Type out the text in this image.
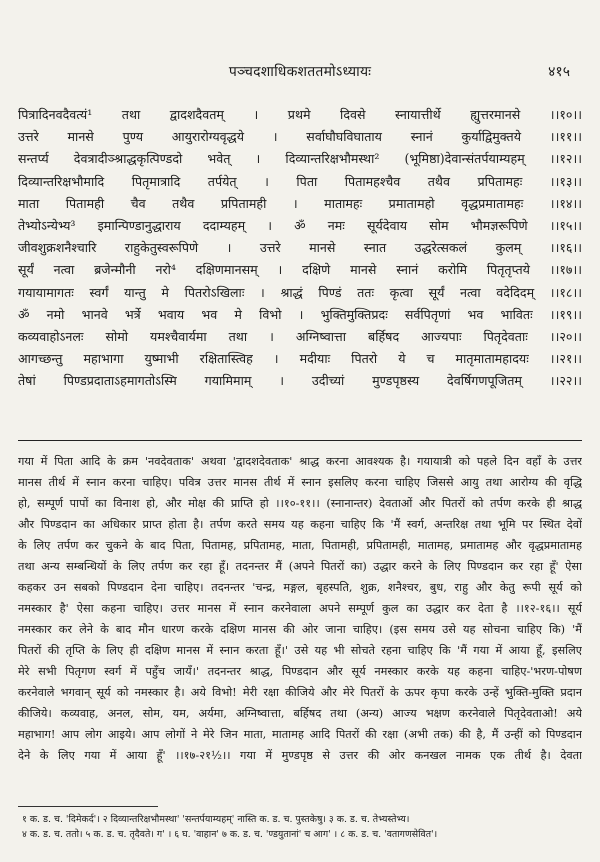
पञ्चदशाधिकशततमोऽध्यायः	४१५
पित्रादिनवदैवत्यं¹ तथा द्वादशदैवतम् । प्रथमे दिवसे स्नायात्तीर्थे ह्युत्तरमानसे ।।१०।।
उत्तरे मानसे पुण्य आयुरारोग्यवृद्धये । सर्वाघौघविघाताय स्नानं कुर्याद्विमुक्तये ।।११।।
सन्तर्प्य देवत्रादीञ्श्राद्धकृत्पिण्डदो भवेत् । दिव्यान्तरिक्षभौमस्था² (भूमिष्ठा)देवान्संतर्पयाम्यहम् ।।१२।।
दिव्यान्तरिक्षभौमादि पितृमात्रादि तर्पयेत् । पिता पितामहश्चैव तथैव प्रपितामहः ।।१३।।
माता पितामही चैव तथैव प्रपितामही । मातामहः प्रमातामहो वृद्धप्रमातामहः ।।१४।।
तेभ्योऽन्येभ्य³ इमान्पिण्डानुद्धाराय ददाम्यहम् । ॐ नमः सूर्यदेवाय सोम भौमज्ञरूपिणे ।।१५।।
जीवशुक्रशनैश्चारि राहुकेतुस्वरूपिणे । उत्तरे मानसे स्नात उद्धरेत्सकलं कुलम् ।।१६।।
सूर्यं नत्वा ब्रजेन्मौनी नरो⁴ दक्षिणमानसम् । दक्षिणे मानसे स्नानं करोमि पितृतृप्तये ।।१७।।
गयायामागतः स्वर्गं यान्तु मे पितरोऽखिलाः । श्राद्धं पिण्डं ततः कृत्वा सूर्यं नत्वा वदेदिदम् ।।१८।।
ॐ नमो भानवे भर्त्रे भवाय भव मे विभो । भुक्तिमुक्तिप्रदः सर्वपितृणां भव भावितः ।।१९।।
कव्यवाहोऽनलः सोमो यमश्चैवार्यमा तथा । अग्निष्वात्ता बर्हिषद आज्यपाः पितृदेवताः ।।२०।।
आगच्छन्तु महाभागा युष्माभी रक्षितास्त्विह । मदीयाः पितरो ये च मातृमातामहादयः ।।२१।।
तेषां पिण्डप्रदाताऽहमागतोऽस्मि गयामिमाम् । उदीच्यां मुण्डपृष्ठस्य देवर्षिगणपूजितम् ।।२२।।
गया में पिता आदि के क्रम 'नवदेवताक' अथवा 'द्वादशदेवताक' श्राद्ध करना आवश्यक है। गयायात्री को पहले दिन वहाँ के उत्तर
मानस तीर्थ में स्नान करना चाहिए। पवित्र उत्तर मानस तीर्थ में स्नान इसलिए करना चाहिए जिससे आयु तथा आरोग्य की वृद्धि
हो, सम्पूर्ण पापों का विनाश हो, और मोक्ष की प्राप्ति हो ।।१०-११।। (स्नानान्तर) देवताओं और पितरों को तर्पण करके ही श्राद्ध
और पिण्डदान का अधिकार प्राप्त होता है। तर्पण करते समय यह कहना चाहिए कि 'मैं स्वर्ग, अन्तरिक्ष तथा भूमि पर स्थित देवों
के लिए तर्पण कर चुकने के बाद पिता, पितामह, प्रपितामह, माता, पितामही, प्रपितामही, मातामह, प्रमातामह और वृद्धप्रमातामह
तथा अन्य सम्बन्धियों के लिए तर्पण कर रहा हूँ। तदनन्तर मैं (अपने पितरों का) उद्धार करने के लिए पिण्डदान कर रहा हूँ' ऐसा
कहकर उन सबको पिण्डदान देना चाहिए। तदनन्तर 'चन्द्र, मङ्गल, बृहस्पति, शुक्र, शनैश्चर, बुध, राहु और केतु रूपी सूर्य को
नमस्कार है' ऐसा कहना चाहिए। उत्तर मानस में स्नान करनेवाला अपने सम्पूर्ण कुल का उद्धार कर देता है ।।१२-१६।। सूर्य
नमस्कार कर लेने के बाद मौन धारण करके दक्षिण मानस की ओर जाना चाहिए। (इस समय उसे यह सोचना चाहिए कि) 'मैं
पितरों की तृप्ति के लिए ही दक्षिण मानस में स्नान करता हूँ।' उसे यह भी सोचते रहना चाहिए कि 'मैं गया में आया हूँ, इसलिए
मेरे सभी पितृगण स्वर्ग में पहुँच जायँ।' तदनन्तर श्राद्ध, पिण्डदान और सूर्य नमस्कार करके यह कहना चाहिए-'भरण-पोषण
करनेवाले भगवान् सूर्य को नमस्कार है। अये विभो! मेरी रक्षा कीजिये और मेरे पितरों के ऊपर कृपा करके उन्हें भुक्ति-मुक्ति प्रदान
कीजिये। कव्यवाह, अनल, सोम, यम, अर्यमा, अग्निष्वात्ता, बर्हिषद तथा (अन्य) आज्य भक्षण करनेवाले पितृदेवताओ! अये
महाभाग! आप लोग आइये। आप लोगों ने मेरे जिन माता, मातामह आदि पितरों की रक्षा (अभी तक) की है, मैं उन्हीं को पिण्डदान
देने के लिए गया में आया हूँ' ।।१७-२१½।। गया में मुण्डपृष्ठ से उत्तर की ओर कनखल नामक एक तीर्थ है। देवता
१ क. ड. च. 'दिमेकर्द'। २ दिव्यान्तरिक्षभौमस्था' 'सन्तर्पयाम्यहम्' नास्ति क. ड. च. पुस्तकेषु। ३ क. ड. च. तेभ्यस्तेभ्य।
४ क. ड. च. ततो। ५ क. ड. च. तृदैवते। ग' । ६ घ. 'वाहान' ७ क. ड. च. 'ण्डयुतानां' च आग' । ८ क. ड. च. 'वतागणसेवित'।
